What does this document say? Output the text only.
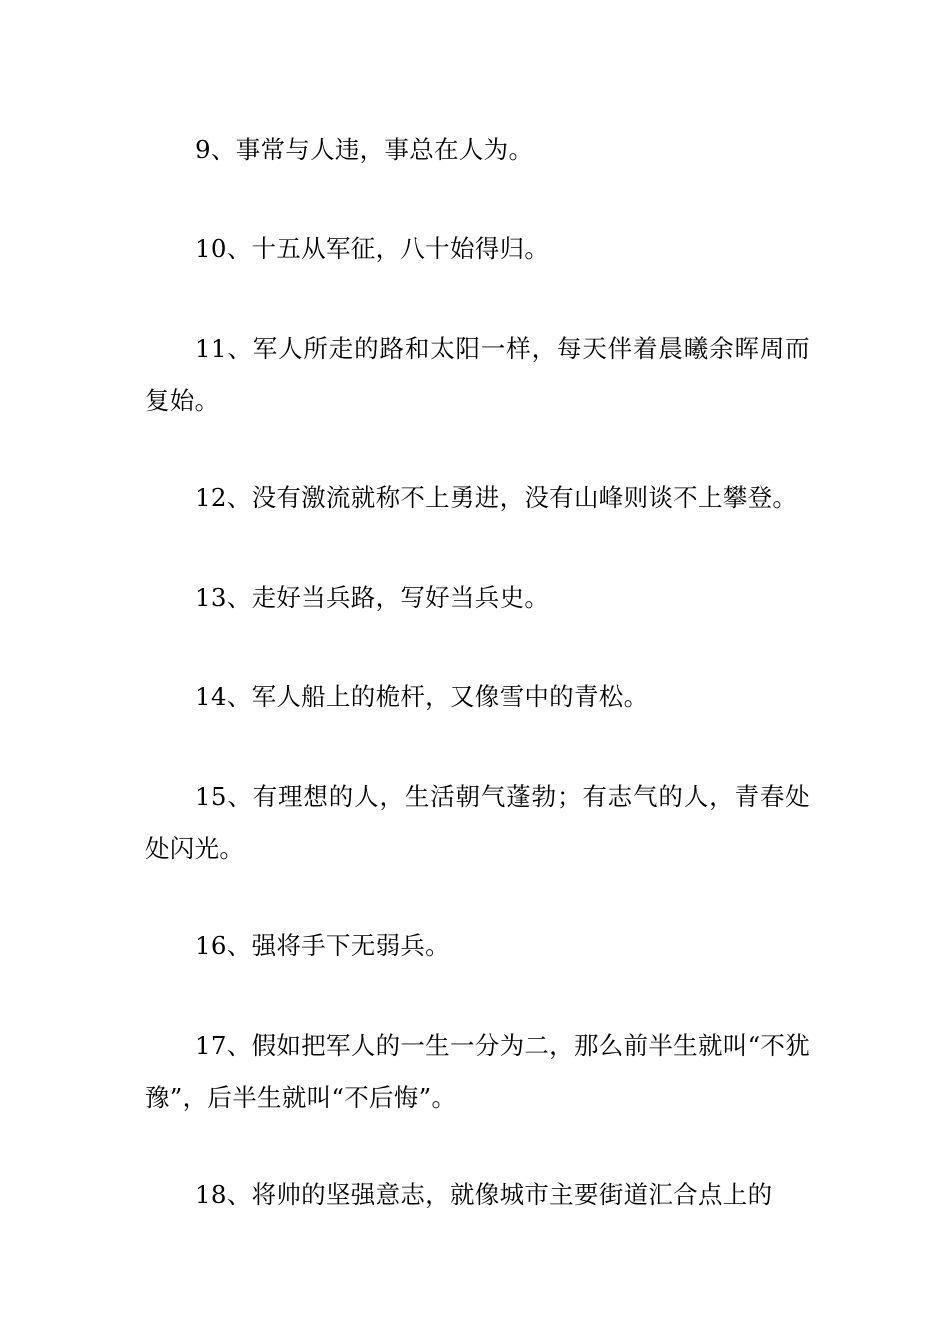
9、事常与人违，事总在人为。

10、十五从军征，八十始得归。

11、军人所走的路和太阳一样，每天伴着晨曦余晖周而复始。

12、没有激流就称不上勇进，没有山峰则谈不上攀登。

13、走好当兵路，写好当兵史。

14、军人船上的桅杆，又像雪中的青松。

15、有理想的人，生活朝气蓬勃；有志气的人，青春处处闪光。

16、强将手下无弱兵。

17、假如把军人的一生一分为二，那么前半生就叫“不犹豫”，后半生就叫“不后悔”。

18、将帅的坚强意志，就像城市主要街道汇合点上的
